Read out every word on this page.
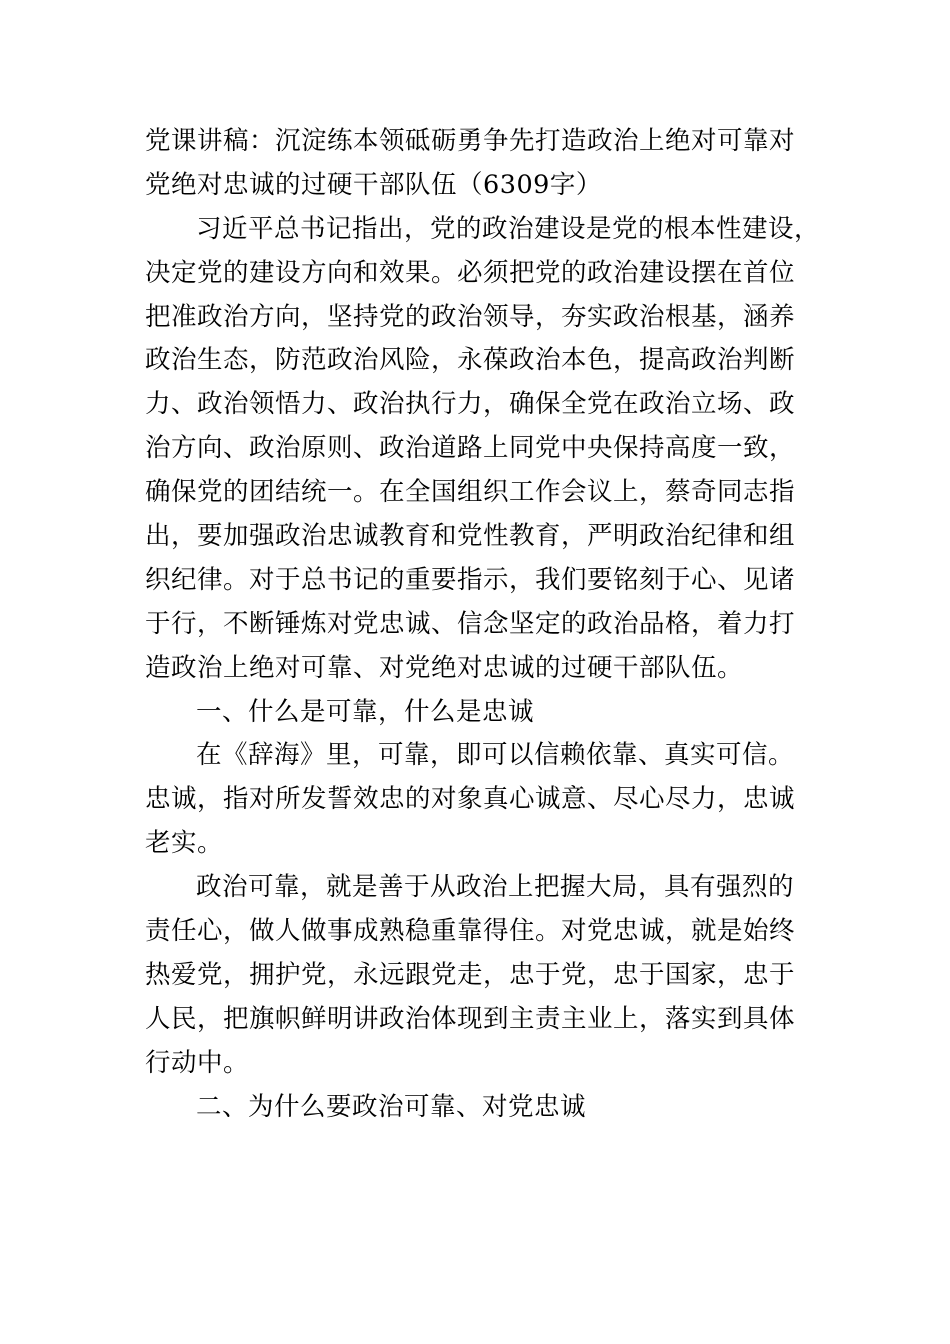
党课讲稿：沉淀练本领砥砺勇争先打造政治上绝对可靠对
党绝对忠诚的过硬干部队伍（6309字）
习近平总书记指出，党的政治建设是党的根本性建设，
决定党的建设方向和效果。必须把党的政治建设摆在首位
把准政治方向，坚持党的政治领导，夯实政治根基，涵养
政治生态，防范政治风险，永葆政治本色，提高政治判断
力、政治领悟力、政治执行力，确保全党在政治立场、政
治方向、政治原则、政治道路上同党中央保持高度一致，
确保党的团结统一。在全国组织工作会议上，蔡奇同志指
出，要加强政治忠诚教育和党性教育，严明政治纪律和组
织纪律。对于总书记的重要指示，我们要铭刻于心、见诸
于行，不断锤炼对党忠诚、信念坚定的政治品格，着力打
造政治上绝对可靠、对党绝对忠诚的过硬干部队伍。
一、什么是可靠，什么是忠诚
在《辞海》里，可靠，即可以信赖依靠、真实可信。
忠诚，指对所发誓效忠的对象真心诚意、尽心尽力，忠诚
老实。
政治可靠，就是善于从政治上把握大局，具有强烈的
责任心，做人做事成熟稳重靠得住。对党忠诚，就是始终
热爱党，拥护党，永远跟党走，忠于党，忠于国家，忠于
人民，把旗帜鲜明讲政治体现到主责主业上，落实到具体
行动中。
二、为什么要政治可靠、对党忠诚
